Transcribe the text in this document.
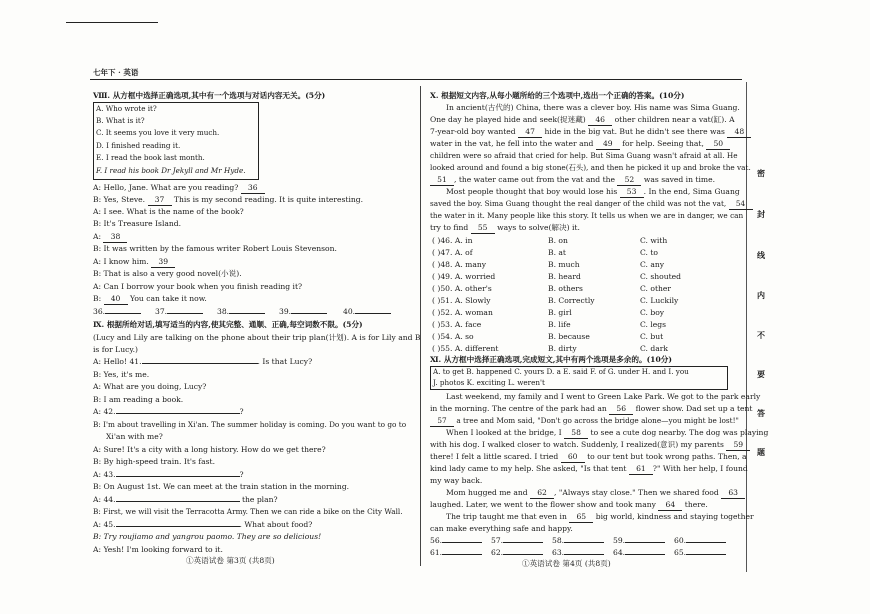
七年下 · 英语
Ⅷ. 从方框中选择正确选项,其中有一个选项与对话内容无关。(5分)
A. Who wrote it?
B. What is it?
C. It seems you love it very much.
D. I finished reading it.
E. I read the book last month.
F. I read his book Dr Jekyll and Mr Hyde.
A: Hello, Jane. What are you reading? 36
B: Yes, Steve. 37 This is my second reading. It is quite interesting.
A: I see. What is the name of the book?
B: It's Treasure Island.
A: 38
B: It was written by the famous writer Robert Louis Stevenson.
A: I know him. 39
B: That is also a very good novel(小说).
A: Can I borrow your book when you finish reading it?
B: 40 You can take it now.
36.	37.	38.	39.	40.
Ⅸ. 根据所给对话,填写适当的内容,使其完整、通顺、正确,每空词数不限。(5分)
(Lucy and Lily are talking on the phone about their trip plan(计划). A is for Lily and B
is for Lucy.)
A: Hello! 41.	. Is that Lucy?
B: Yes, it's me.
A: What are you doing, Lucy?
B: I am reading a book.
A: 42.	?
B: I'm about travelling in Xi'an. The summer holiday is coming. Do you want to go to
Xi'an with me?
A: Sure! It's a city with a long history. How do we get there?
B: By high-speed train. It's fast.
A: 43.	?
B: On August 1st. We can meet at the train station in the morning.
A: 44.	the plan?
B: First, we will visit the Terracotta Army. Then we can ride a bike on the City Wall.
A: 45.	. What about food?
B: Try roujiamo and yangrou paomo. They are so delicious!
A: Yesh! I'm looking forward to it.
①英语试卷 第3页 (共8页)
Ⅹ. 根据短文内容,从每小题所给的三个选项中,选出一个正确的答案。(10分)
In ancient(古代的) China, there was a clever boy. His name was Sima Guang.
One day he played hide and seek(捉迷藏) 46 other children near a vat(缸). A
7-year-old boy wanted 47 hide in the big vat. But he didn't see there was 48
water in the vat, he fell into the water and 49 for help. Seeing that, 50
children were so afraid that cried for help. But Sima Guang wasn't afraid at all. He
looked around and found a big stone(石头), and then he picked it up and broke the vat.
51 , the water came out from the vat and the 52 was saved in time.
Most people thought that boy would lose his 53 . In the end, Sima Guang
saved the boy. Sima Guang thought the real danger of the child was not the vat, 54
the water in it. Many people like this story. It tells us when we are in danger, we can
try to find 55 ways to solve(解决) it.
( )46. A. in	B. on	C. with
( )47. A. of	B. at	C. to
( )48. A. many	B. much	C. any
( )49. A. worried	B. heard	C. shouted
( )50. A. other's	B. others	C. other
( )51. A. Slowly	B. Correctly	C. Luckily
( )52. A. woman	B. girl	C. boy
( )53. A. face	B. life	C. legs
( )54. A. so	B. because	C. but
( )55. A. different	B. dirty	C. dark
Ⅺ. 从方框中选择正确选项,完成短文,其中有两个选项是多余的。(10分)
A. to get B. happened C. yours D. a E. said F. of G. under H. and I. you
J. photos K. exciting L. weren't
Last weekend, my family and I went to Green Lake Park. We got to the park early
in the morning. The centre of the park had an 56 flower show. Dad set up a tent
57 a tree and Mom said, "Don't go across the bridge alone—you might be lost!"
When I looked at the bridge, I 58 to see a cute dog nearby. The dog was playing
with his dog. I walked closer to watch. Suddenly, I realized(意识) my parents 59
there! I felt a little scared. I tried 60 to our tent but took wrong paths. Then, a
kind lady came to my help. She asked, "Is that tent 61 ?" With her help, I found
my way back.
Mom hugged me and 62 , "Always stay close." Then we shared food 63
laughed. Later, we went to the flower show and took many 64 there.
The trip taught me that even in 65 big world, kindness and staying together
can make everything safe and happy.
56.	57.	58.	59.	60.
61.	62.	63.	64.	65.
①英语试卷 第4页 (共8页)
密
封
线
内
不
要
答
题
